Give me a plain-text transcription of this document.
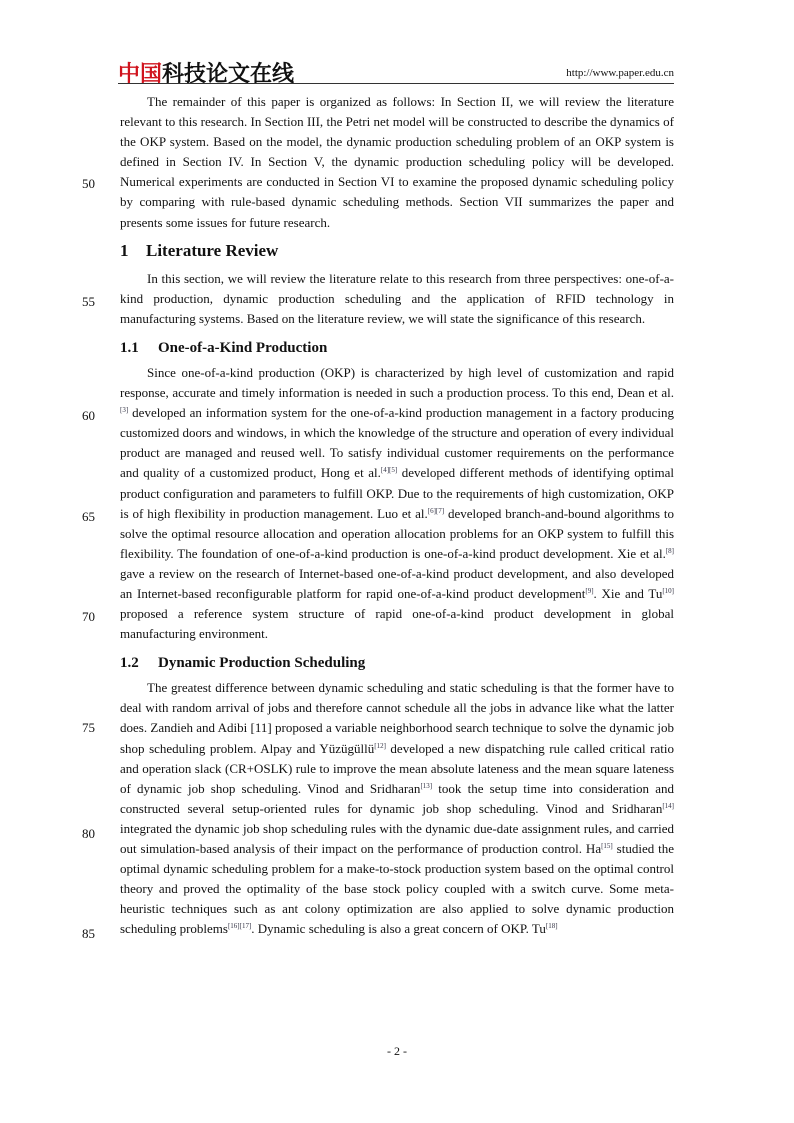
中国科技论文在线	http://www.paper.edu.cn
50
55
60
65
70
75
80
85

The remainder of this paper is organized as follows: In Section II, we will review the literature relevant to this research. In Section III, the Petri net model will be constructed to describe the dynamics of the OKP system. Based on the model, the dynamic production scheduling problem of an OKP system is defined in Section IV. In Section V, the dynamic production scheduling policy will be developed. Numerical experiments are conducted in Section VI to examine the proposed dynamic scheduling policy by comparing with rule-based dynamic scheduling methods. Section VII summarizes the paper and presents some issues for future research.

1 Literature Review

In this section, we will review the literature relate to this research from three perspectives: one-of-a-kind production, dynamic production scheduling and the application of RFID technology in manufacturing systems. Based on the literature review, we will state the significance of this research.

1.1 One-of-a-Kind Production

Since one-of-a-kind production (OKP) is characterized by high level of customization and rapid response, accurate and timely information is needed in such a production process. To this end, Dean et al.[3] developed an information system for the one-of-a-kind production management in a factory producing customized doors and windows, in which the knowledge of the structure and operation of every individual product are managed and reused well. To satisfy individual customer requirements on the performance and quality of a customized product, Hong et al.[4][5] developed different methods of identifying optimal product configuration and parameters to fulfill OKP. Due to the requirements of high customization, OKP is of high flexibility in production management. Luo et al.[6][7] developed branch-and-bound algorithms to solve the optimal resource allocation and operation allocation problems for an OKP system to fulfill this flexibility. The foundation of one-of-a-kind production is one-of-a-kind product development. Xie et al.[8] gave a review on the research of Internet-based one-of-a-kind product development, and also developed an Internet-based reconfigurable platform for rapid one-of-a-kind product development[9]. Xie and Tu[10] proposed a reference system structure of rapid one-of-a-kind product development in global manufacturing environment.

1.2 Dynamic Production Scheduling

The greatest difference between dynamic scheduling and static scheduling is that the former have to deal with random arrival of jobs and therefore cannot schedule all the jobs in advance like what the latter does. Zandieh and Adibi [11] proposed a variable neighborhood search technique to solve the dynamic job shop scheduling problem. Alpay and Yüzügüllü[12] developed a new dispatching rule called critical ratio and operation slack (CR+OSLK) rule to improve the mean absolute lateness and the mean square lateness of dynamic job shop scheduling. Vinod and Sridharan[13] took the setup time into consideration and constructed several setup-oriented rules for dynamic job shop scheduling. Vinod and Sridharan[14] integrated the dynamic job shop scheduling rules with the dynamic due-date assignment rules, and carried out simulation-based analysis of their impact on the performance of production control. Ha[15] studied the optimal dynamic scheduling problem for a make-to-stock production system based on the optimal control theory and proved the optimality of the base stock policy coupled with a switch curve. Some meta-heuristic techniques such as ant colony optimization are also applied to solve dynamic production scheduling problems[16][17]. Dynamic scheduling is also a great concern of OKP. Tu[18]

- 2 -
